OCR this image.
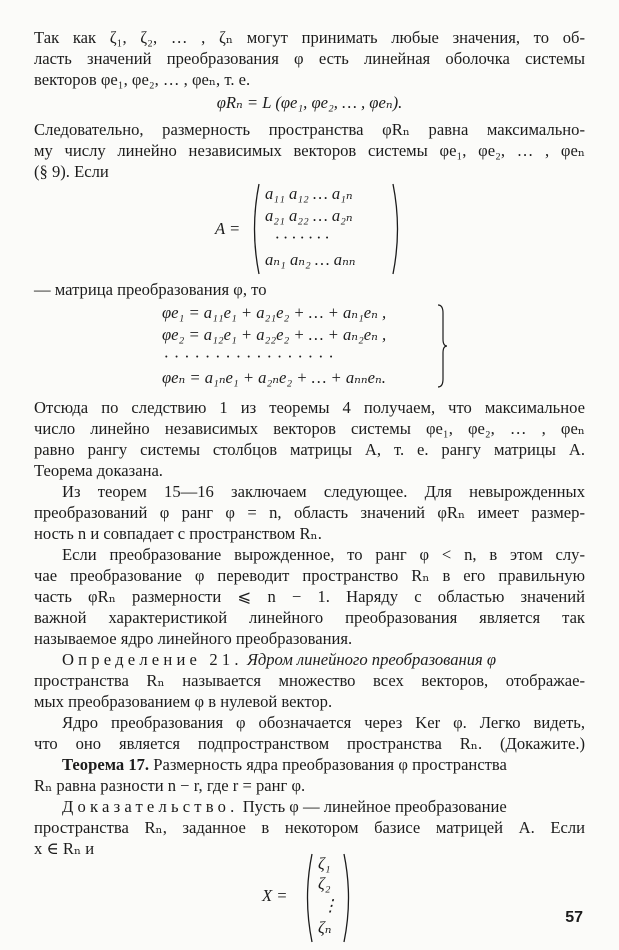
Так как ζ₁, ζ₂, … , ζₙ могут принимать любые значения, то об-
ласть значений преобразования φ есть линейная оболочка системы
векторов φe₁, φe₂, … , φeₙ, т. е.
φRₙ = L (φe₁, φe₂, … , φeₙ).
Следовательно, размерность пространства φRₙ равна максимально-
му числу линейно независимых векторов системы φe₁, φe₂, … , φeₙ
(§ 9). Если
A =
a₁₁ a₁₂ … a₁ₙ
a₂₁ a₂₂ … a₂ₙ
· · · · · · ·
aₙ₁ aₙ₂ … aₙₙ
— матрица преобразования φ, то
φe₁ = a₁₁e₁ + a₂₁e₂ + … + aₙ₁eₙ ,
φe₂ = a₁₂e₁ + a₂₂e₂ + … + aₙ₂eₙ ,
· · · · · · · · · · · · · · · · ·
φeₙ = a₁ₙe₁ + a₂ₙe₂ + … + aₙₙeₙ.
Отсюда по следствию 1 из теоремы 4 получаем, что максимальное
число линейно независимых векторов системы φe₁, φe₂, … , φeₙ
равно рангу системы столбцов матрицы A, т. е. рангу матрицы A.
Теорема доказана.
Из теорем 15—16 заключаем следующее. Для невырожденных
преобразований φ ранг φ = n, область значений φRₙ имеет размер-
ность n и совпадает с пространством Rₙ.
Если преобразование вырожденное, то ранг φ < n, в этом слу-
чае преобразование φ переводит пространство Rₙ в его правильную
часть φRₙ размерности ⩽ n − 1. Наряду с областью значений
важной характеристикой линейного преобразования является так
называемое ядро линейного преобразования.
Определение 21. Ядром линейного преобразования φ
пространства Rₙ называется множество всех векторов, отображае-
мых преобразованием φ в нулевой вектор.
Ядро преобразования φ обозначается через Ker φ. Легко видеть,
что оно является подпространством пространства Rₙ. (Докажите.)
Теорема 17. Размерность ядра преобразования φ пространства
Rₙ равна разности n − r, где r = ранг φ.
Доказательство. Пусть φ — линейное преобразование
пространства Rₙ, заданное в некотором базисе матрицей A. Если
x ∈ Rₙ и
X =
ζ₁
ζ₂
⋮
ζₙ
57
